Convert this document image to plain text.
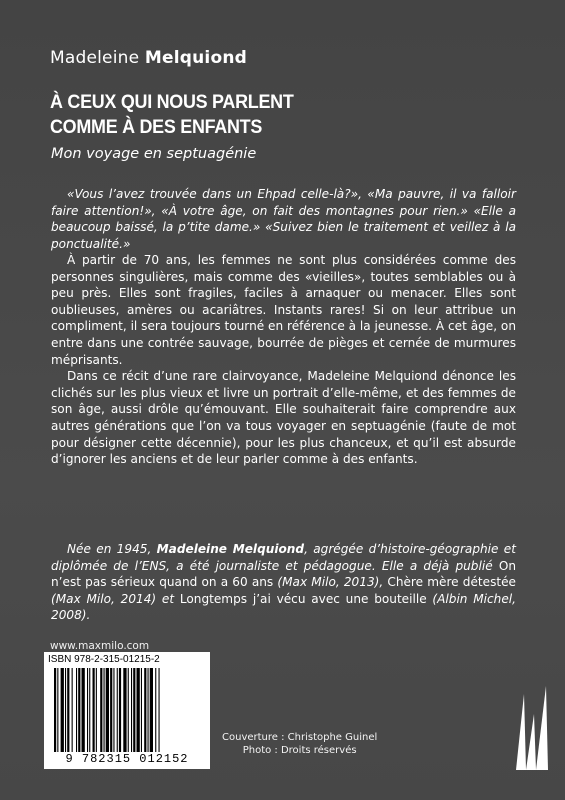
Madeleine Melquiond
À CEUX QUI NOUS PARLENT
COMME À DES ENFANTS
Mon voyage en septuagénie

«Vous l’avez trouvée dans un Ehpad celle-là?», «Ma pauvre, il va falloir faire attention!», «À votre âge, on fait des montagnes pour rien.» «Elle a beaucoup baissé, la p’tite dame.» «Suivez bien le traitement et veillez à la ponctualité.»

À partir de 70 ans, les femmes ne sont plus considérées comme des personnes singulières, mais comme des «vieilles», toutes semblables ou à peu près. Elles sont fragiles, faciles à arnaquer ou menacer. Elles sont oublieuses, amères ou acariâtres. Instants rares! Si on leur attribue un compliment, il sera toujours tourné en référence à la jeunesse. À cet âge, on entre dans une contrée sauvage, bourrée de pièges et cernée de murmures méprisants.

Dans ce récit d’une rare clairvoyance, Madeleine Melquiond dénonce les clichés sur les plus vieux et livre un portrait d’elle-même, et des femmes de son âge, aussi drôle qu’émouvant. Elle souhaiterait faire comprendre aux autres générations que l’on va tous voyager en septuagénie (faute de mot pour désigner cette décennie), pour les plus chanceux, et qu’il est absurde d’ignorer les anciens et de leur parler comme à des enfants.

Née en 1945, Madeleine Melquiond, agrégée d’histoire-géographie et diplômée de l’ENS, a été journaliste et pédagogue. Elle a déjà publié On n’est pas sérieux quand on a 60 ans (Max Milo, 2013), Chère mère détestée (Max Milo, 2014) et Longtemps j’ai vécu avec une bouteille (Albin Michel, 2008).

www.maxmilo.com
ISBN 978-2-315-01215-2
9 782315 012152
Couverture : Christophe Guinel
Photo : Droits réservés
